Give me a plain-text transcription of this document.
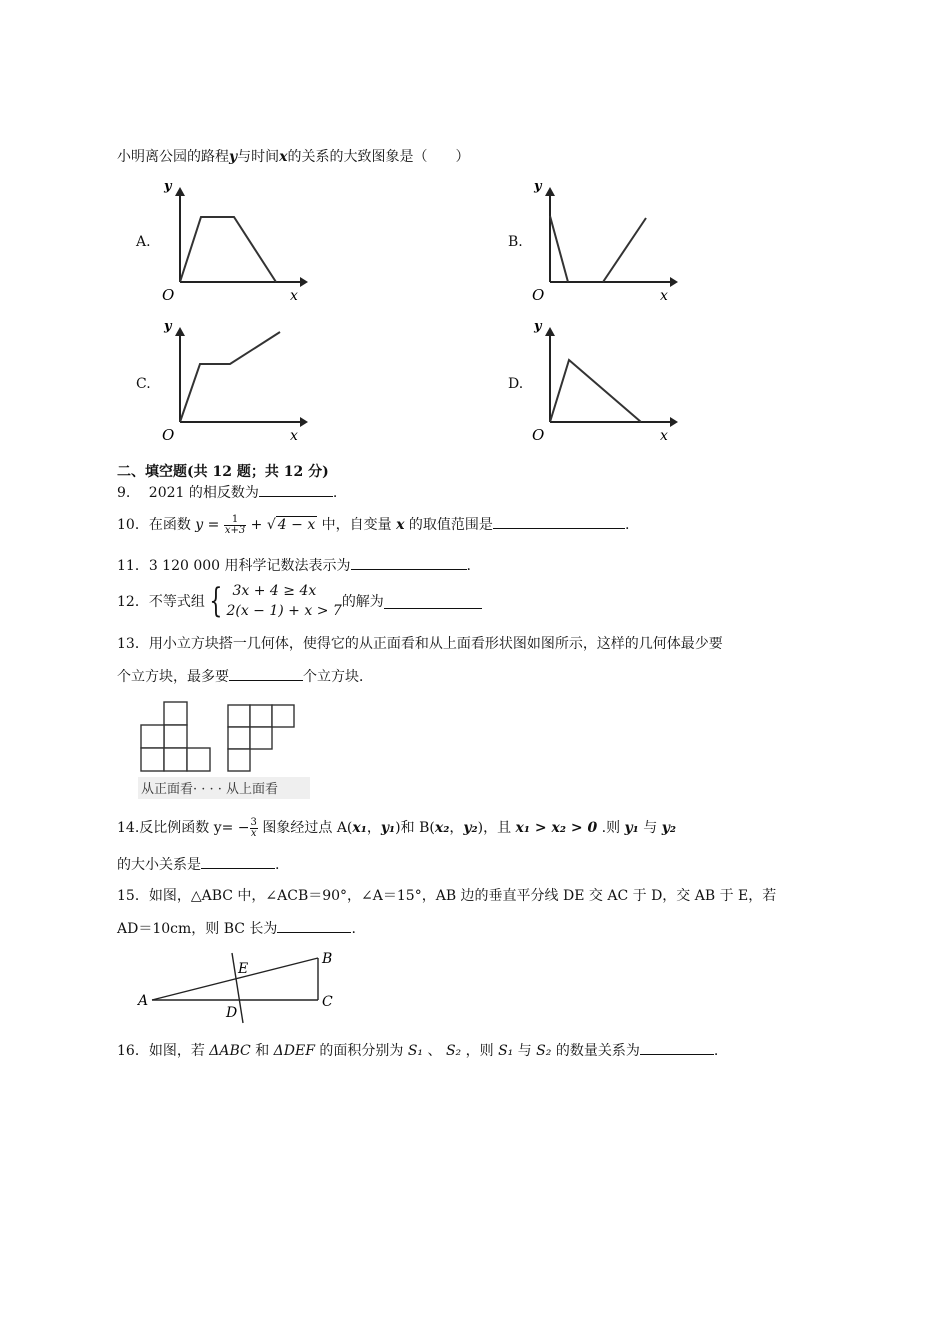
小明离公园的路程y与时间x的关系的大致图象是（　　）
A.
y
x
O
B.
y
x
O
C.
y
x
O
D.
y
x
O
二、填空题(共 12 题；共 12 分)
9.　 2021 的相反数为	.
10．在函数 $y = \frac{1}{x+3}$ + √ 4 − x 中，自变量 x 的取值范围是	.
11．3 120 000 用科学记数法表示为	.
12．不等式组 { 3x + 4 ≥ 4x
2(x − 1) + x > 7
的解为
13．用小立方块搭一几何体，使得它的从正面看和从上面看形状图如图所示，这样的几何体最少要
个立方块，最多要	个立方块．
从正面看· · · · 从上面看
14.反比例函数 $y= - \frac{3}{x}$ 图象经过点 A(x₁，y₁)和 B(x₂，y₂)，且 x₁ > x₂ > 0 .则 y₁ 与 y₂
的大小关系是	.
15．如图，△ABC 中，∠ACB＝90°，∠A＝15°，AB 边的垂直平分线 DE 交 AC 于 D，交 AB 于 E，若
AD＝10cm，则 BC 长为	.
A
B
C
D
E
16．如图，若 ΔABC 和 ΔDEF 的面积分别为 S₁ 、 S₂ ，则 S₁ 与 S₂ 的数量关系为	.
